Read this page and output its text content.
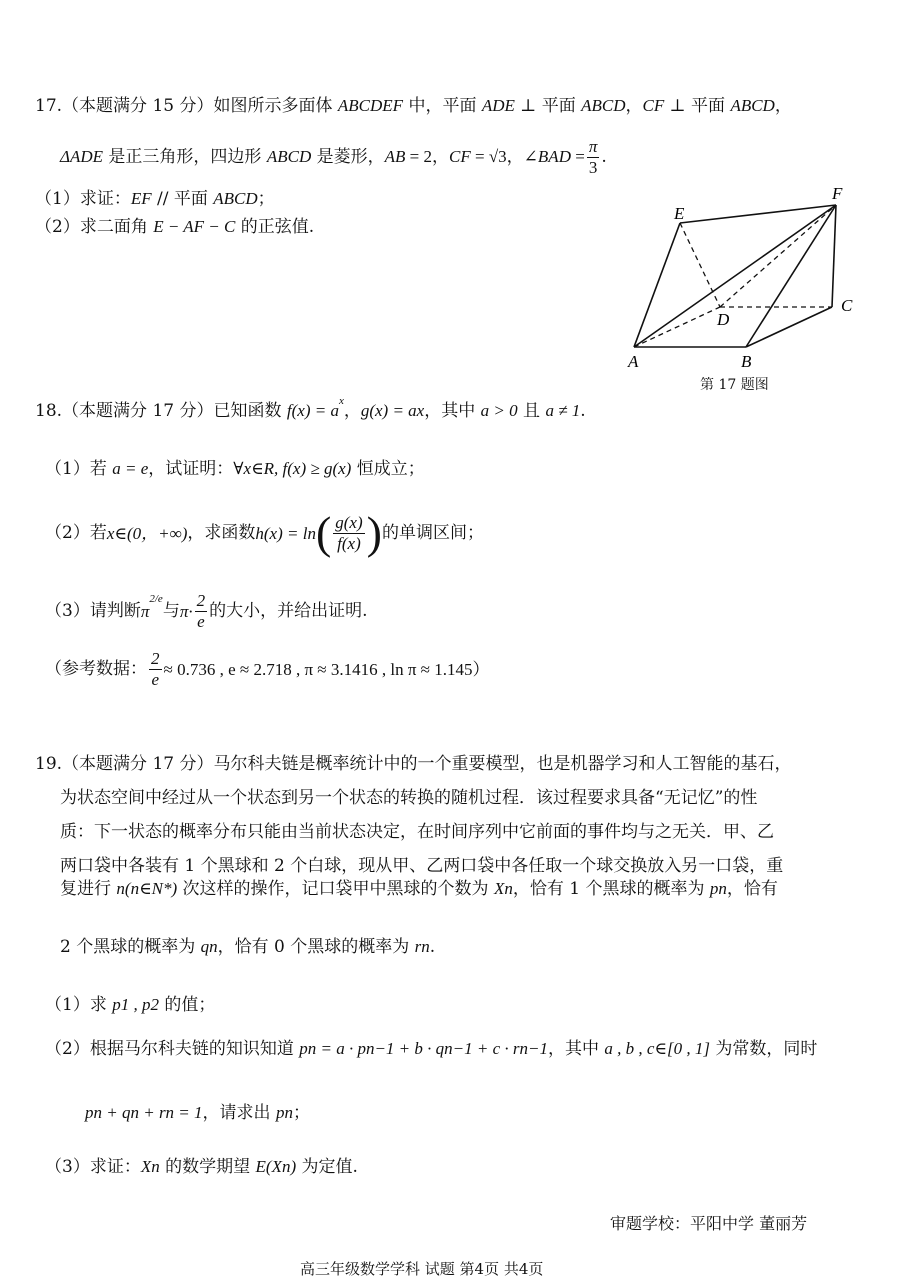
17.（本题满分 15 分）如图所示多面体 ABCDEF 中，平面 ADE ⊥ 平面 ABCD，CF ⊥ 平面 ABCD，
ΔADE 是正三角形，四边形 ABCD 是菱形，AB = 2，CF = √3，∠BAD = $\frac{\pi}{3}$ .
（1）求证：EF // 平面 ABCD；
（2）求二面角 E − AF − C 的正弦值.
E
F
D
C
A	B
第 17 题图
18.（本题满分 17 分）已知函数 $f(x) = a^x$，g(x) = ax，其中 a > 0 且 a ≠ 1.
（1）若 a = e，试证明：∀x∈R, f(x) ≥ g(x) 恒成立；
（2）若 x∈(0，+∞) ，求函数 h(x) = ln ( $\frac{g(x)}{f(x)}$ ) 的单调区间；
（3）请判断 π
2/e
与 $\pi\cdot \frac{2}{e}$ 的大小，并给出证明.
（参考数据： $\frac{2}{e} \approx 0.736$ , e ≈ 2.718 , π ≈ 3.1416 , ln π ≈ 1.145）
19.（本题满分 17 分）马尔科夫链是概率统计中的一个重要模型，也是机器学习和人工智能的基石，
为状态空间中经过从一个状态到另一个状态的转换的随机过程．该过程要求具备“无记忆”的性
质：下一状态的概率分布只能由当前状态决定，在时间序列中它前面的事件均与之无关．甲、乙
两口袋中各装有 1 个黑球和 2 个白球，现从甲、乙两口袋中各任取一个球交换放入另一口袋，重
复进行 n(n∈N*) 次这样的操作，记口袋甲中黑球的个数为 Xn，恰有 1 个黑球的概率为 pn，恰有
2 个黑球的概率为 qn，恰有 0 个黑球的概率为 rn.
（1）求 p1 , p2 的值；
（2）根据马尔科夫链的知识知道 pn = a · pn−1 + b · qn−1 + c · rn−1，其中 a , b , c∈[0 , 1] 为常数，同时
pn + qn + rn = 1，请求出 pn；
（3）求证：Xn 的数学期望 E(Xn) 为定值.
审题学校：平阳中学 董丽芳
高三年级数学学科 试题 第4页 共4页
